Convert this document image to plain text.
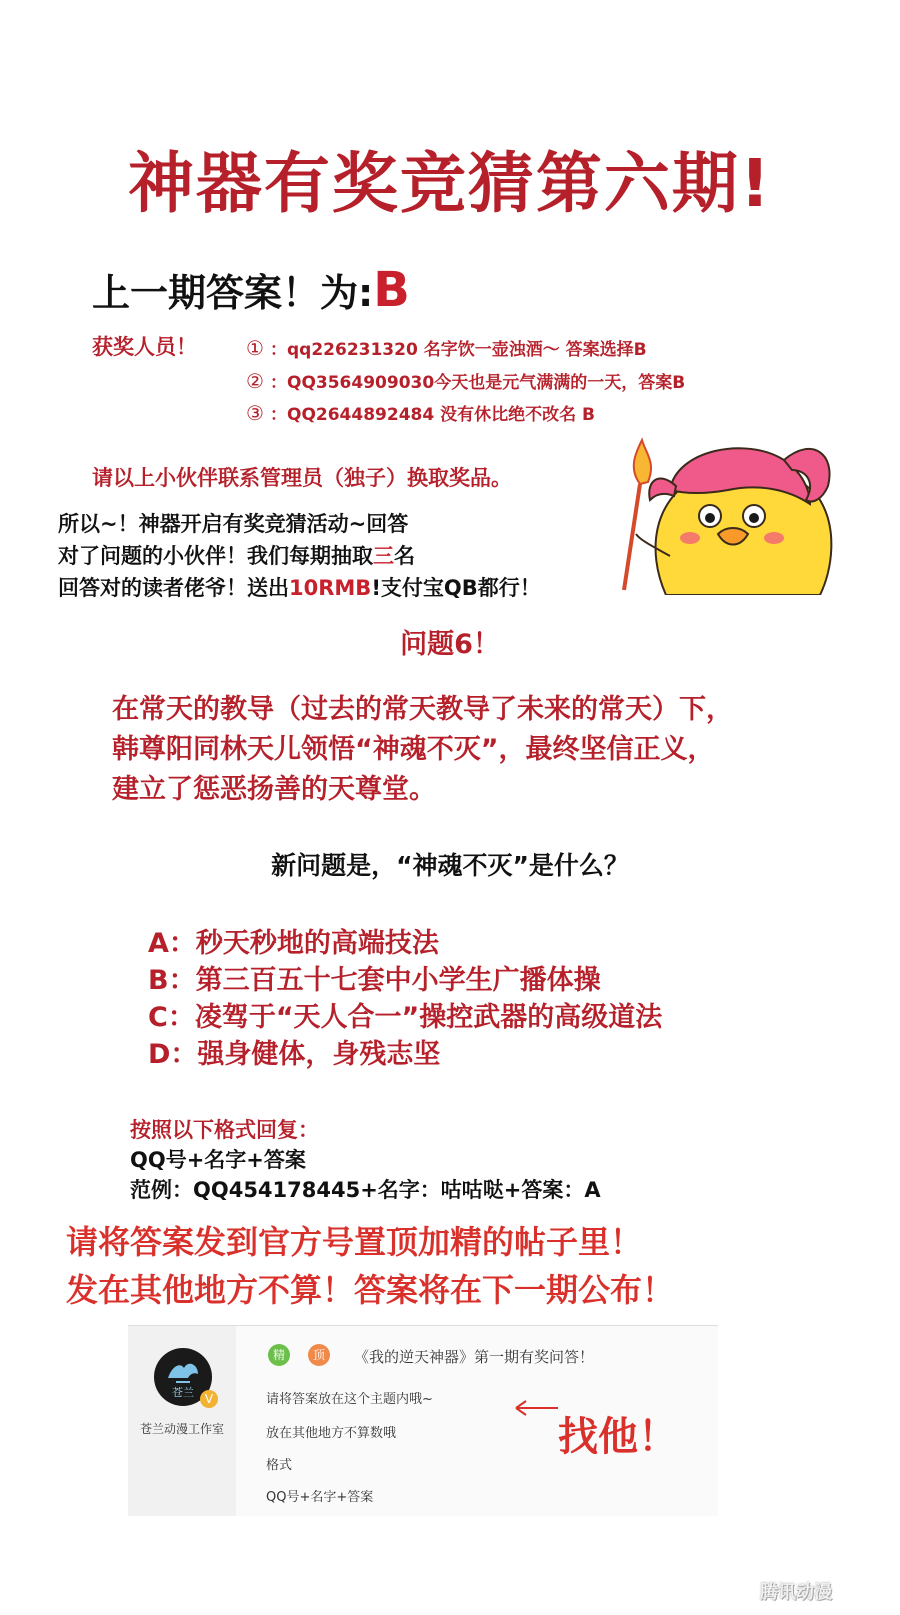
神器有奖竞猜第六期!
上一期答案！为:B
获奖人员！	① ：qq226231320 名字饮一壶浊酒～ 答案选择B
② ：QQ3564909030今天也是元气满满的一天，答案B
③ ：QQ2644892484 没有休比绝不改名 B
请以上小伙伴联系管理员（独子）换取奖品。
所以~！神器开启有奖竞猜活动~回答
对了问题的小伙伴！我们每期抽取三名
回答对的读者佬爷！送出10RMB!支付宝QB都行！
问题6！
在常天的教导（过去的常天教导了未来的常天）下，
韩尊阳同林天儿领悟“神魂不灭”，最终坚信正义，
建立了惩恶扬善的天尊堂。
新问题是，“神魂不灭”是什么？
A：秒天秒地的高端技法
B：第三百五十七套中小学生广播体操
C：凌驾于“天人合一”操控武器的高级道法
D：强身健体，身残志坚
按照以下格式回复：
QQ号+名字+答案
范例：QQ454178445+名字：咕咕哒+答案：A
请将答案发到官方号置顶加精的帖子里！
发在其他地方不算！答案将在下一期公布！
苍兰 V
苍兰动漫工作室
精	顶	《我的逆天神器》第一期有奖问答！
请将答案放在这个主题内哦~
放在其他地方不算数哦
格式
QQ号+名字+答案
找他！
腾讯动漫
